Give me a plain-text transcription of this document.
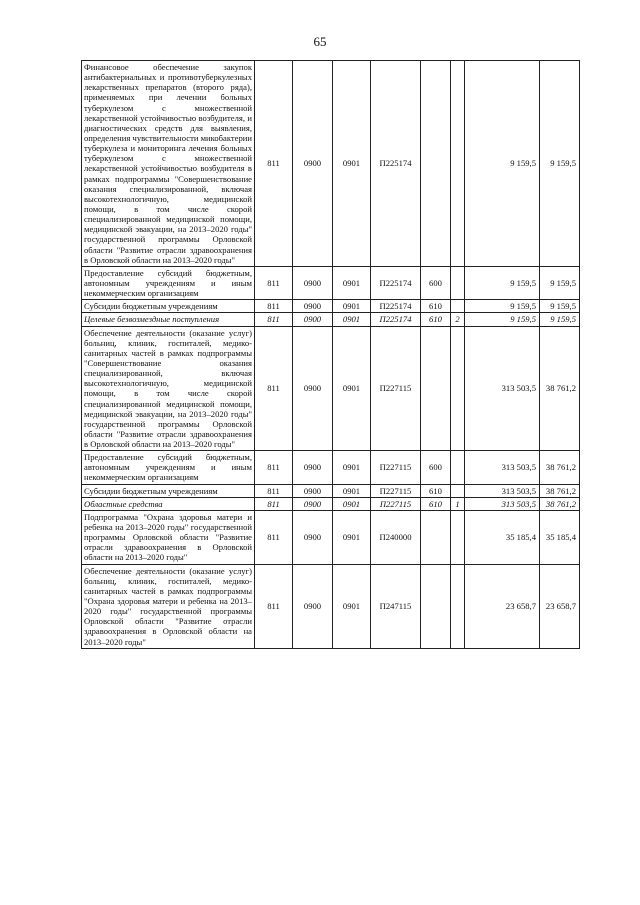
65
Финансовое обеспечение закупок антибактериальных и противотуберкулезных лекарственных препаратов (второго ряда), применяемых при лечении больных туберкулезом с множественной лекарственной устойчивостью возбудителя, и диагностических средств для выявления, определения чувствительности микобактерии туберкулеза и мониторинга лечения больных туберкулезом с множественной лекарственной устойчивостью возбудителя в рамках подпрограммы "Совершенствование оказания специализированной, включая высокотехнологичную, медицинской помощи, в том числе скорой специализированной медицинской помощи, медицинской эвакуации, на 2013–2020 годы" государственной программы Орловской области "Развитие отрасли здравоохранения в Орловской области на 2013–2020 годы"	811	0900	0901	П225174			9 159,5	9 159,5
Предоставление субсидий бюджетным, автономным учреждениям и иным некоммерческим организациям	811	0900	0901	П225174	600		9 159,5	9 159,5
Субсидии бюджетным учреждениям	811	0900	0901	П225174	610		9 159,5	9 159,5
Целевые безвозмездные поступления	811	0900	0901	П225174	610	2	9 159,5	9 159,5
Обеспечение деятельности (оказание услуг) больниц, клиник, госпиталей, медико-санитарных частей в рамках подпрограммы "Совершенствование оказания специализированной, включая высокотехнологичную, медицинской помощи, в том числе скорой специализированной медицинской помощи, медицинской эвакуации, на 2013–2020 годы" государственной программы Орловской области "Развитие отрасли здравоохранения в Орловской области на 2013–2020 годы"	811	0900	0901	П227115			313 503,5	38 761,2
Предоставление субсидий бюджетным, автономным учреждениям и иным некоммерческим организациям	811	0900	0901	П227115	600		313 503,5	38 761,2
Субсидии бюджетным учреждениям	811	0900	0901	П227115	610		313 503,5	38 761,2
Областные средства	811	0900	0901	П227115	610	1	313 503,5	38 761,2
Подпрограмма "Охрана здоровья матери и ребенка на 2013–2020 годы" государственной программы Орловской области "Развитие отрасли здравоохранения в Орловской области на 2013–2020 годы"	811	0900	0901	П240000			35 185,4	35 185,4
Обеспечение деятельности (оказание услуг) больниц, клиник, госпиталей, медико-санитарных частей в рамках подпрограммы "Охрана здоровья матери и ребенка на 2013–2020 годы" государственной программы Орловской области "Развитие отрасли здравоохранения в Орловской области на 2013–2020 годы"	811	0900	0901	П247115			23 658,7	23 658,7
